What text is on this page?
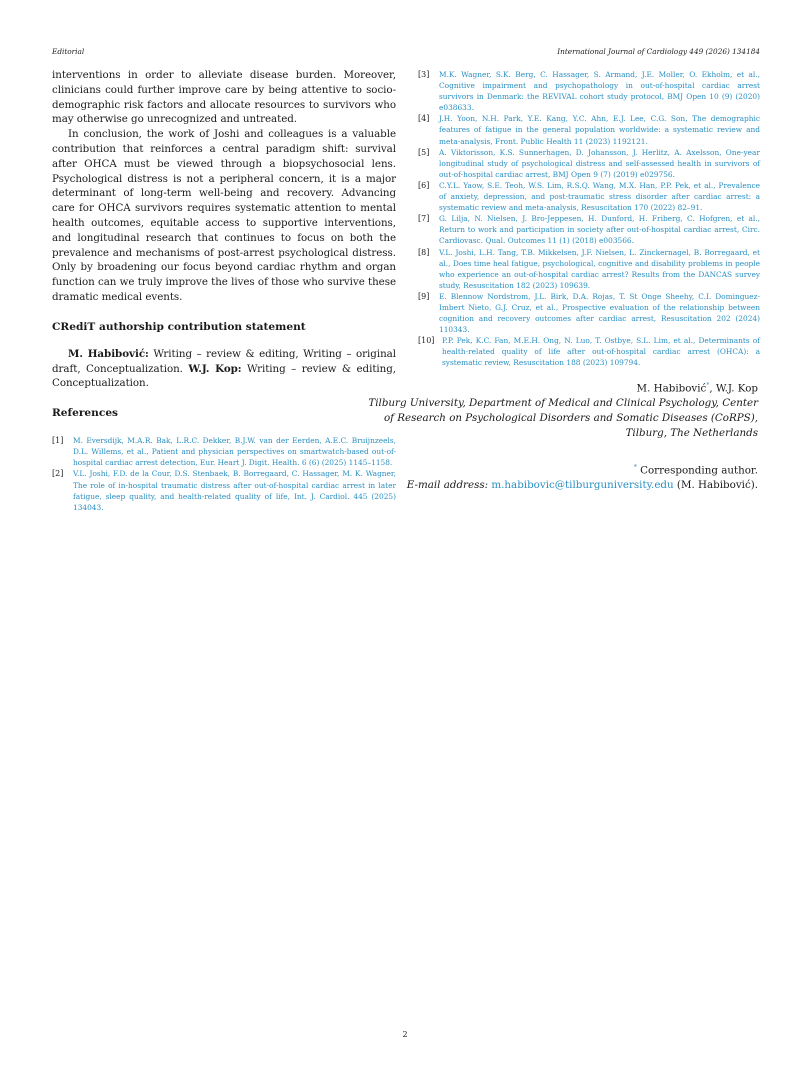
Editorial	International Journal of Cardiology 449 (2026) 134184

interventions in order to alleviate disease burden. Moreover, clinicians could further improve care by being attentive to socio-demographic risk factors and allocate resources to survivors who may otherwise go unrecognized and untreated.

In conclusion, the work of Joshi and colleagues is a valuable contribution that reinforces a central paradigm shift: survival after OHCA must be viewed through a biopsychosocial lens. Psychological distress is not a peripheral concern, it is a major determinant of long-term well-being and recovery. Advancing care for OHCA survivors requires systematic attention to mental health outcomes, equitable access to supportive interventions, and longitudinal research that continues to focus on both the prevalence and mechanisms of post-arrest psychological distress. Only by broadening our focus beyond cardiac rhythm and organ function can we truly improve the lives of those who survive these dramatic medical events.

CRediT authorship contribution statement

M. Habibović: Writing – review & editing, Writing – original draft, Conceptualization. W.J. Kop: Writing – review & editing, Conceptualization.

References
[1] M. Eversdijk, M.A.R. Bak, L.R.C. Dekker, B.J.W. van der Eerden, A.E.C. Bruijnzeels, D.L. Willems, et al., Patient and physician perspectives on smartwatch-based out-of-hospital cardiac arrest detection, Eur. Heart J. Digit. Health. 6 (6) (2025) 1145–1158.
[2] V.L. Joshi, F.D. de la Cour, D.S. Stenbaek, B. Borregaard, C. Hassager, M. K. Wagner, The role of in-hospital traumatic distress after out-of-hospital cardiac arrest in later fatigue, sleep quality, and health-related quality of life, Int. J. Cardiol. 445 (2025) 134043.
[3] M.K. Wagner, S.K. Berg, C. Hassager, S. Armand, J.E. Moller, O. Ekholm, et al., Cognitive impairment and psychopathology in out-of-hospital cardiac arrest survivors in Denmark: the REVIVAL cohort study protocol, BMJ Open 10 (9) (2020) e038633.
[4] J.H. Yoon, N.H. Park, Y.E. Kang, Y.C. Ahn, E.J. Lee, C.G. Son, The demographic features of fatigue in the general population worldwide: a systematic review and meta-analysis, Front. Public Health 11 (2023) 1192121.
[5] A. Viktorisson, K.S. Sunnerhagen, D. Johansson, J. Herlitz, A. Axelsson, One-year longitudinal study of psychological distress and self-assessed health in survivors of out-of-hospital cardiac arrest, BMJ Open 9 (7) (2019) e029756.
[6] C.Y.L. Yaow, S.E. Teoh, W.S. Lim, R.S.Q. Wang, M.X. Han, P.P. Pek, et al., Prevalence of anxiety, depression, and post-traumatic stress disorder after cardiac arrest: a systematic review and meta-analysis, Resuscitation 170 (2022) 82–91.
[7] G. Lilja, N. Nielsen, J. Bro-Jeppesen, H. Dunford, H. Friberg, C. Hofgren, et al., Return to work and participation in society after out-of-hospital cardiac arrest, Circ. Cardiovasc. Qual. Outcomes 11 (1) (2018) e003566.
[8] V.L. Joshi, L.H. Tang, T.B. Mikkelsen, J.F. Nielsen, L. Zinckernagel, B. Borregaard, et al., Does time heal fatigue, psychological, cognitive and disability problems in people who experience an out-of-hospital cardiac arrest? Results from the DANCAS survey study, Resuscitation 182 (2023) 109639.
[9] E. Blennow Nordstrom, J.L. Birk, D.A. Rojas, T. St Onge Sheehy, C.I. Dominguez-Imbert Nieto, G.J. Cruz, et al., Prospective evaluation of the relationship between cognition and recovery outcomes after cardiac arrest, Resuscitation 202 (2024) 110343.
[10] P.P. Pek, K.C. Fan, M.E.H. Ong, N. Luo, T. Ostbye, S.L. Lim, et al., Determinants of health-related quality of life after out-of-hospital cardiac arrest (OHCA): a systematic review, Resuscitation 188 (2023) 109794.
M. Habibović*, W.J. Kop
Tilburg University, Department of Medical and Clinical Psychology, Center
of Research on Psychological Disorders and Somatic Diseases (CoRPS),
Tilburg, The Netherlands
* Corresponding author.
E-mail address: m.habibovic@tilburguniversity.edu (M. Habibović).
2
